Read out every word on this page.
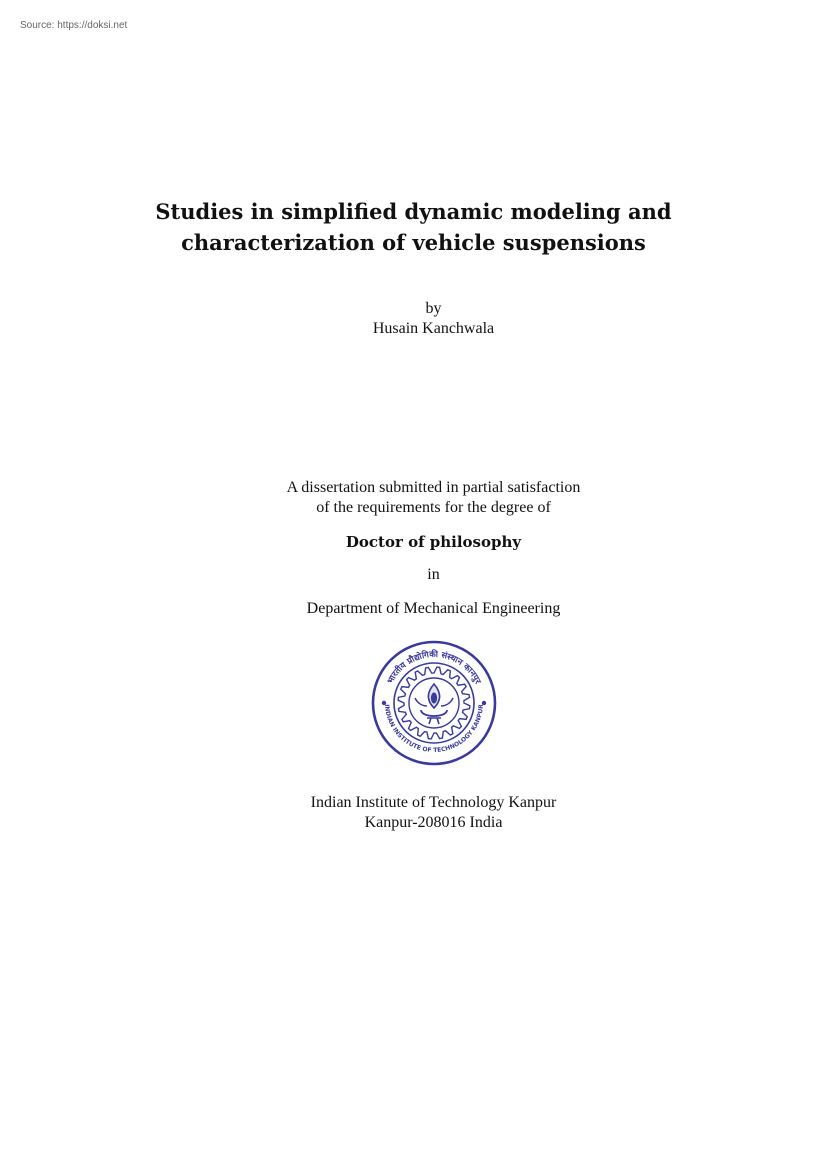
Source: https://doksi.net
Studies in simplified dynamic modeling and
characterization of vehicle suspensions
by
Husain Kanchwala
A dissertation submitted in partial satisfaction
of the requirements for the degree of
Doctor of philosophy
in
Department of Mechanical Engineering
भारतीय प्रौद्योगिकी संस्थान कानपुर
INDIAN INSTITUTE OF TECHNOLOGY KANPUR
Indian Institute of Technology Kanpur
Kanpur-208016 India
